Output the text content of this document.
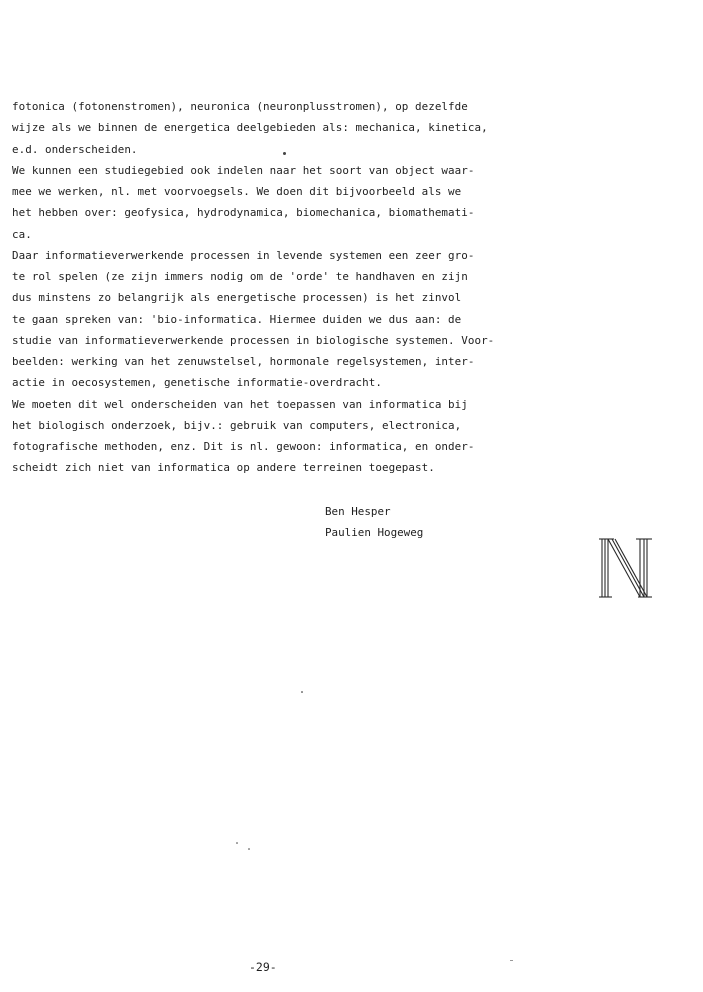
fotonica (fotonenstromen), neuronica (neuronplusstromen), op dezelfde
wijze als we binnen de energetica deelgebieden als: mechanica, kinetica,
e.d. onderscheiden.
We kunnen een studiegebied ook indelen naar het soort van object waar-
mee we werken, nl. met voorvoegsels. We doen dit bijvoorbeeld als we
het hebben over: geofysica, hydrodynamica, biomechanica, biomathemati-
ca.
Daar informatieverwerkende processen in levende systemen een zeer gro-
te rol spelen (ze zijn immers nodig om de 'orde' te handhaven en zijn
dus minstens zo belangrijk als energetische processen) is het zinvol
te gaan spreken van: 'bio-informatica. Hiermee duiden we dus aan: de
studie van informatieverwerkende processen in biologische systemen. Voor-
beelden: werking van het zenuwstelsel, hormonale regelsystemen, inter-
actie in oecosystemen, genetische informatie-overdracht.
We moeten dit wel onderscheiden van het toepassen van informatica bij
het biologisch onderzoek, bijv.: gebruik van computers, electronica,
fotografische methoden, enz. Dit is nl. gewoon: informatica, en onder-
scheidt zich niet van informatica op andere terreinen toegepast.
Ben Hesper
Paulien Hogeweg
-29-
